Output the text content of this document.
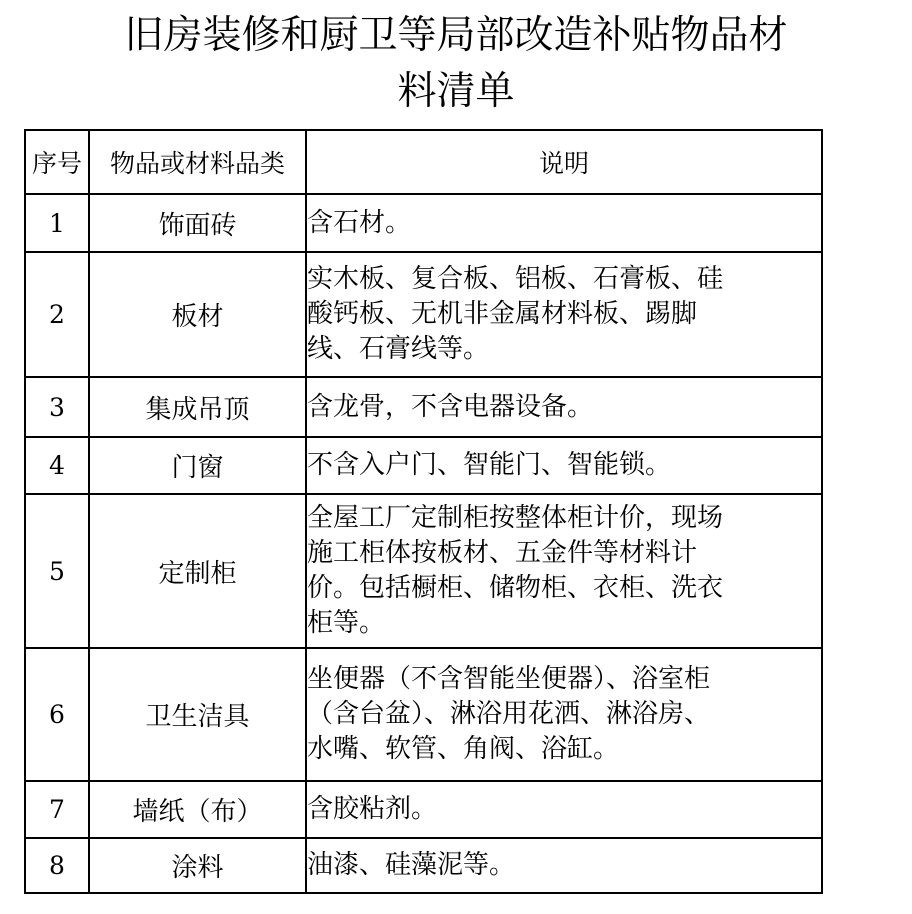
旧房装修和厨卫等局部改造补贴物品材
料清单
序号	物品或材料品类	说明
1	饰面砖	含石材。

2	板材	实木板、复合板、铝板、石膏板、硅
酸钙板、无机非金属材料板、踢脚
线、石膏线等。

3	集成吊顶	含龙骨，不含电器设备。

4	门窗	不含入户门、智能门、智能锁。

5	定制柜	全屋工厂定制柜按整体柜计价，现场
施工柜体按板材、五金件等材料计
价。包括橱柜、储物柜、衣柜、洗衣
柜等。

6	卫生洁具	坐便器（不含智能坐便器）、浴室柜
（含台盆）、淋浴用花洒、淋浴房、
水嘴、软管、角阀、浴缸。

7	墙纸（布）	含胶粘剂。

8	涂料	油漆、硅藻泥等。
